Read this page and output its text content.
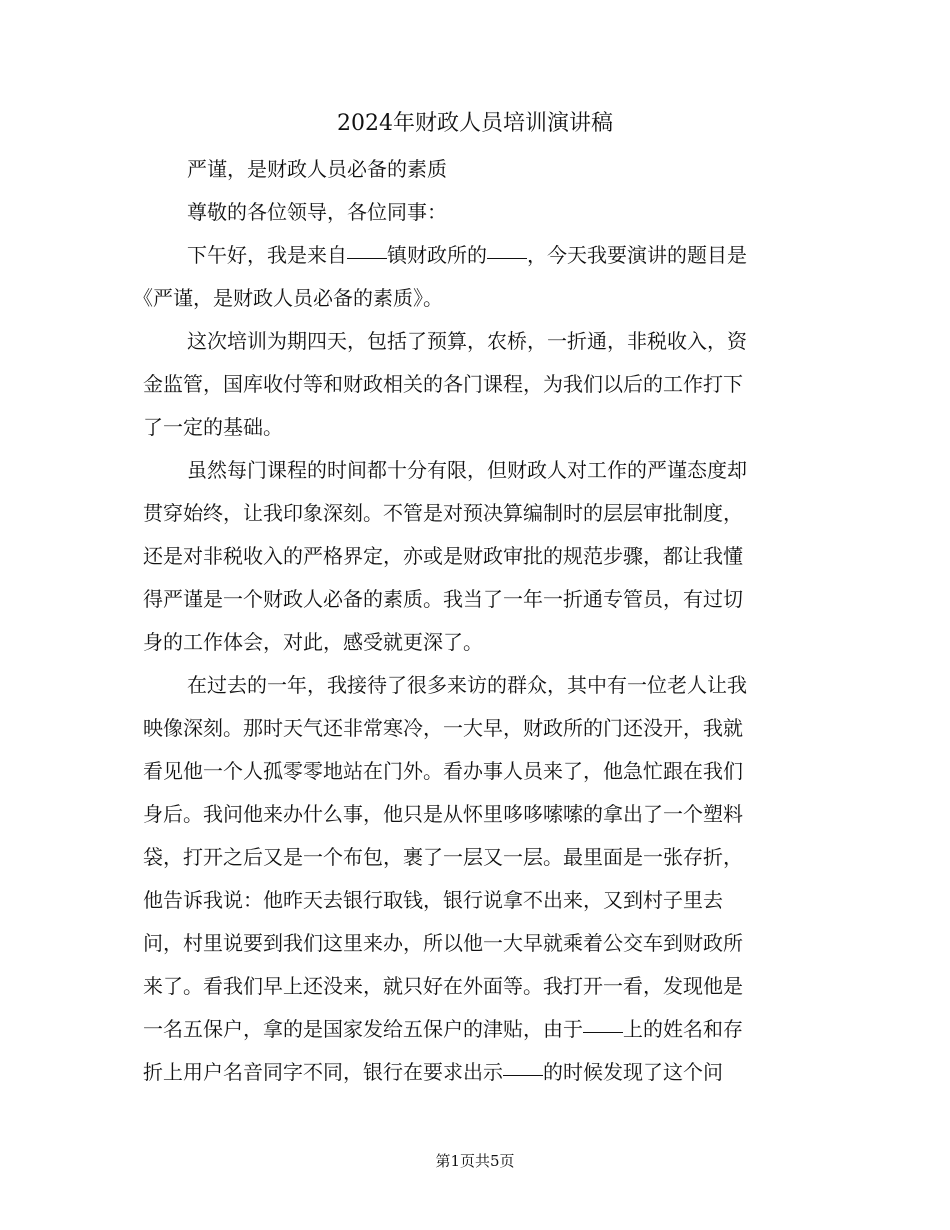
2024年财政人员培训演讲稿
严谨，是财政人员必备的素质
尊敬的各位领导，各位同事：
下午好，我是来自 镇财政所的 ，今天我要演讲的题目是
《严谨，是财政人员必备的素质》。
这次培训为期四天，包括了预算，农桥，一折通，非税收入，资
金监管，国库收付等和财政相关的各门课程，为我们以后的工作打下
了一定的基础。
虽然每门课程的时间都十分有限，但财政人对工作的严谨态度却
贯穿始终，让我印象深刻。不管是对预决算编制时的层层审批制度，
还是对非税收入的严格界定，亦或是财政审批的规范步骤，都让我懂
得严谨是一个财政人必备的素质。我当了一年一折通专管员，有过切
身的工作体会，对此，感受就更深了。
在过去的一年，我接待了很多来访的群众，其中有一位老人让我
映像深刻。那时天气还非常寒冷，一大早，财政所的门还没开，我就
看见他一个人孤零零地站在门外。看办事人员来了，他急忙跟在我们
身后。我问他来办什么事，他只是从怀里哆哆嗦嗦的拿出了一个塑料
袋，打开之后又是一个布包，裹了一层又一层。最里面是一张存折，
他告诉我说：他昨天去银行取钱，银行说拿不出来，又到村子里去
问，村里说要到我们这里来办，所以他一大早就乘着公交车到财政所
来了。看我们早上还没来，就只好在外面等。我打开一看，发现他是
一名五保户，拿的是国家发给五保户的津贴，由于 上的姓名和存
折上用户名音同字不同，银行在要求出示 的时候发现了这个问
第1页共5页
